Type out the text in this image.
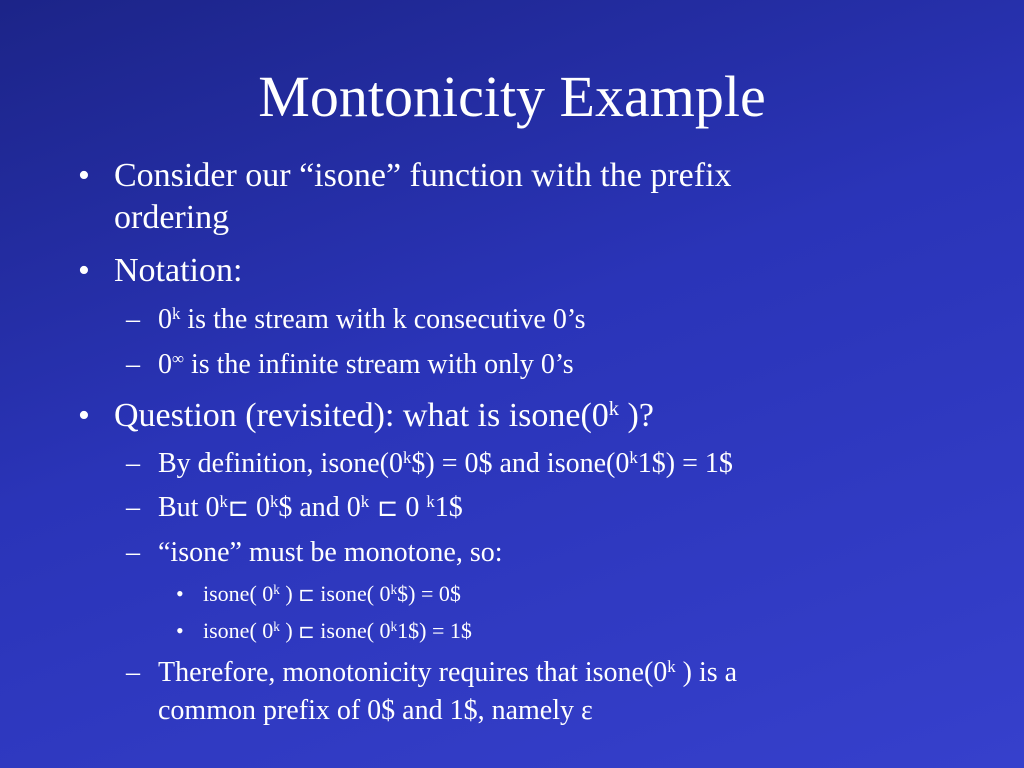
Montonicity Example
• Consider our “isone” function with the prefix
ordering
• Notation:
– 0$^k$ is the stream with k consecutive 0’s
– 0∞ is the infinite stream with only 0’s
• Question (revisited): what is isone(0$^k$ )?
– By definition, $isone(0^k\$)$ = 0$ and $isone(0^k1\$)$ = 1$
– But 0$^k$⊏ 0$^k$\$ and 0$^k$ ⊏ 0 $^k$1$
– “isone” must be monotone, so:
• isone( 0$^k$ ) ⊏ isone( $0^k\$$) = 0$
• isone( 0$^k$ ) ⊏ isone( $0^k1\$$) = 1$
– Therefore, monotonicity requires that isone(0$^k$ ) is a
common prefix of 0$ and 1$, namely ε
